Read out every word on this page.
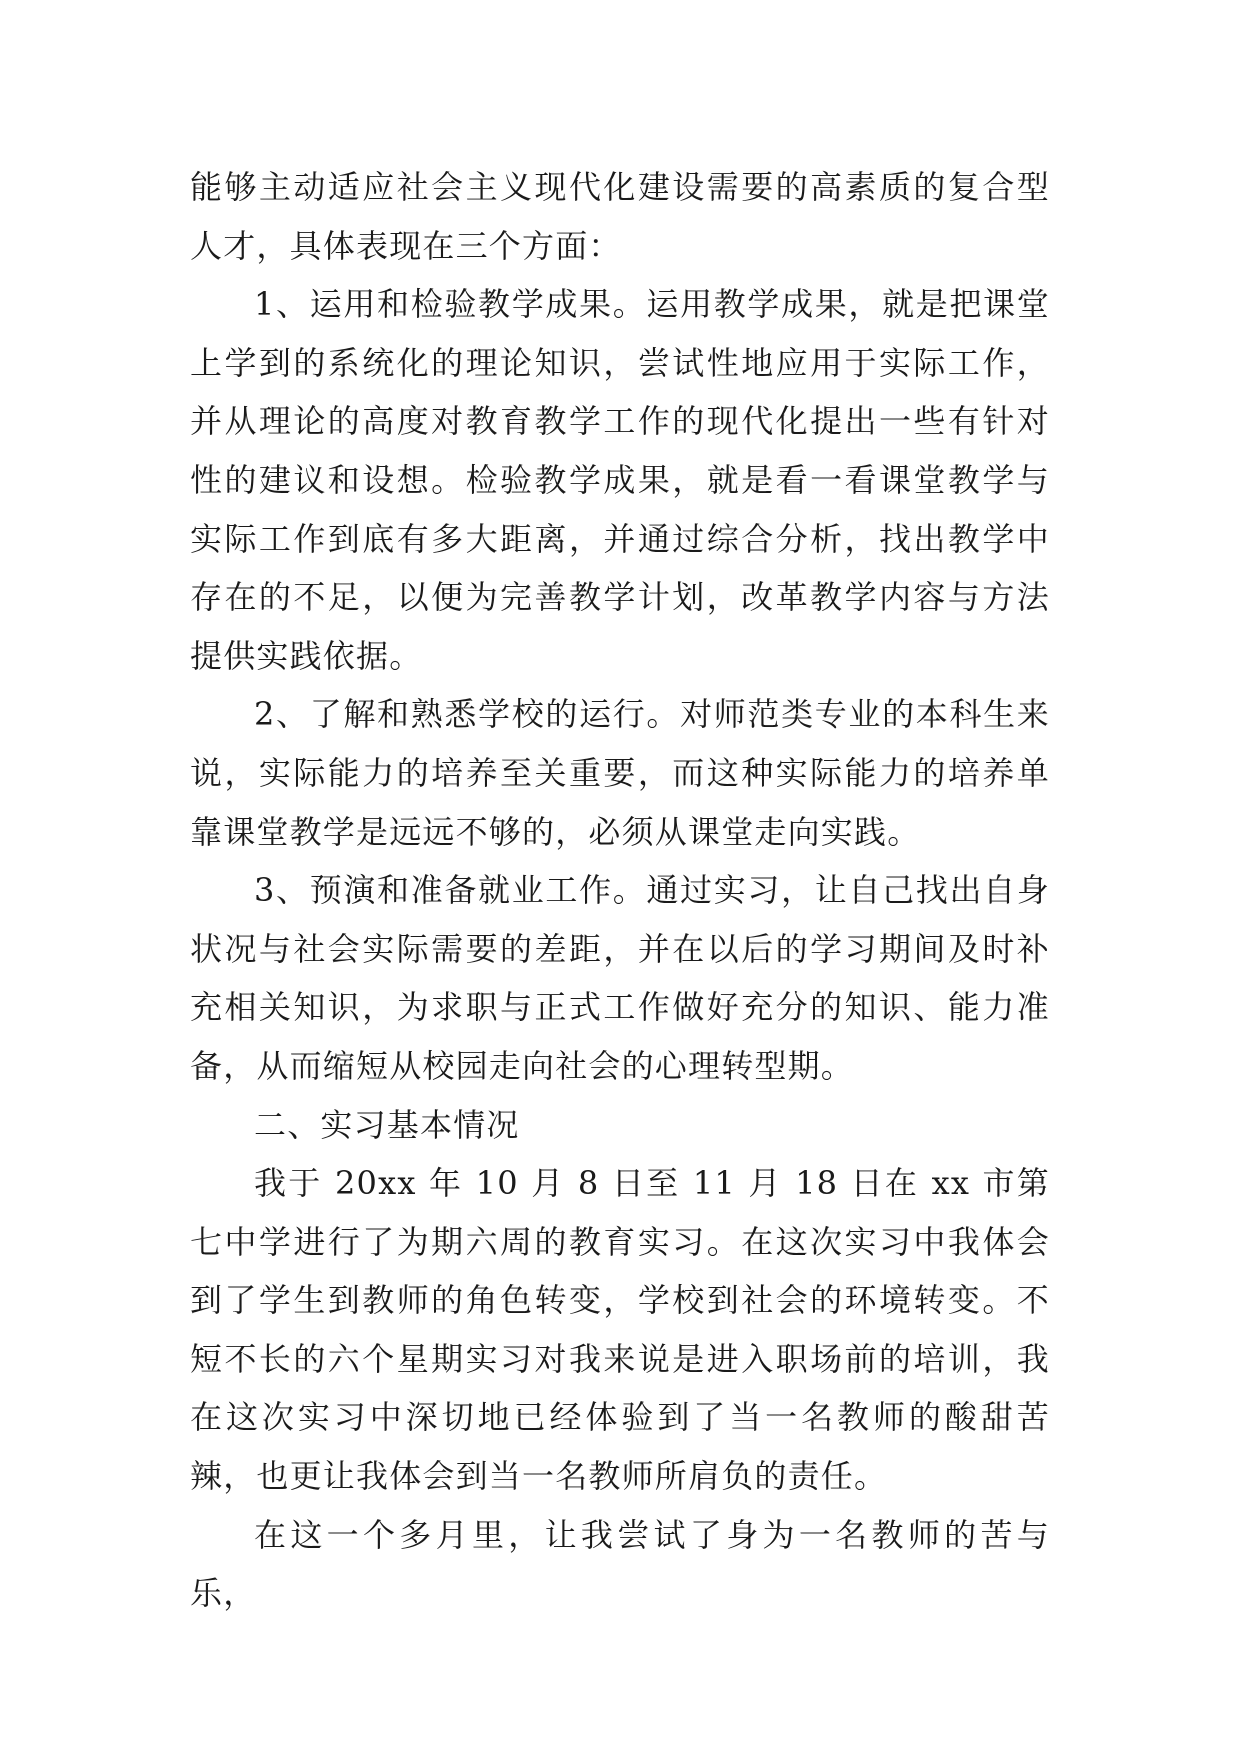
能够主动适应社会主义现代化建设需要的高素质的复合型人才，具体表现在三个方面：

1、运用和检验教学成果。运用教学成果，就是把课堂上学到的系统化的理论知识，尝试性地应用于实际工作，并从理论的高度对教育教学工作的现代化提出一些有针对性的建议和设想。检验教学成果，就是看一看课堂教学与实际工作到底有多大距离，并通过综合分析，找出教学中存在的不足，以便为完善教学计划，改革教学内容与方法提供实践依据。

2、了解和熟悉学校的运行。对师范类专业的本科生来说，实际能力的培养至关重要，而这种实际能力的培养单靠课堂教学是远远不够的，必须从课堂走向实践。

3、预演和准备就业工作。通过实习，让自己找出自身状况与社会实际需要的差距，并在以后的学习期间及时补充相关知识，为求职与正式工作做好充分的知识、能力准备，从而缩短从校园走向社会的心理转型期。

二、实习基本情况

我于 20xx 年 10 月 8 日至 11 月 18 日在 xx 市第七中学进行了为期六周的教育实习。在这次实习中我体会到了学生到教师的角色转变，学校到社会的环境转变。不短不长的六个星期实习对我来说是进入职场前的培训，我在这次实习中深切地已经体验到了当一名教师的酸甜苦辣，也更让我体会到当一名教师所肩负的责任。

在这一个多月里，让我尝试了身为一名教师的苦与乐，
